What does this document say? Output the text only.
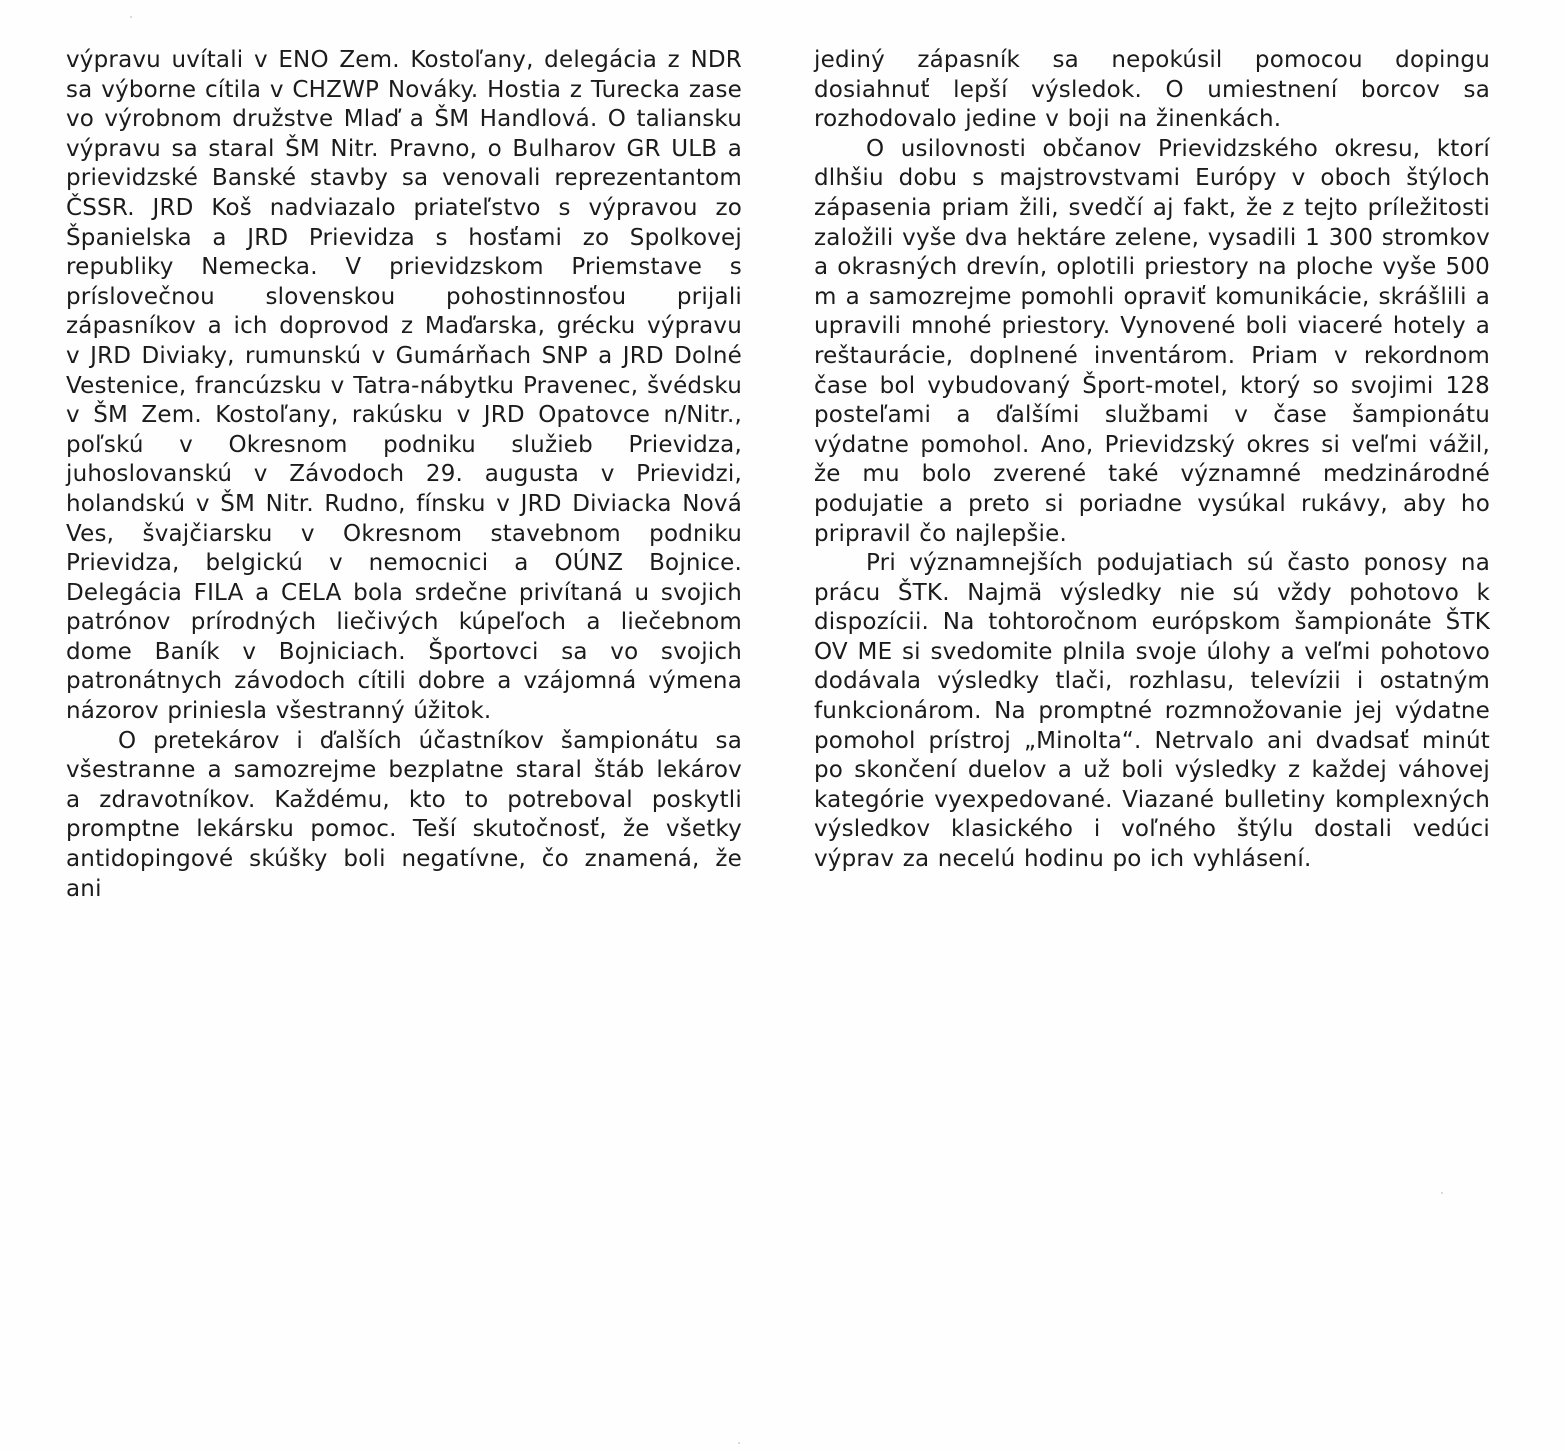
výpravu uvítali v ENO Zem. Kostoľany, delegácia z NDR sa výborne cítila v CHZWP Nováky. Hostia z Turecka zase vo výrobnom družstve Mlaď a ŠM Handlová. O taliansku výpravu sa staral ŠM Nitr. Pravno, o Bulharov GR ULB a prievidzské Banské stavby sa venovali reprezentantom ČSSR. JRD Koš nadviazalo priateľstvo s výpravou zo Španielska a JRD Prievidza s hosťami zo Spolkovej republiky Nemecka. V prievidzskom Priemstave s príslovečnou slovenskou pohostinnosťou prijali zápasníkov a ich doprovod z Maďarska, grécku výpravu v JRD Diviaky, rumunskú v Gumárňach SNP a JRD Dolné Vestenice, francúzsku v Tatra-nábytku Pravenec, švédsku v ŠM Zem. Kostoľany, rakúsku v JRD Opatovce n/Nitr., poľskú v Okresnom podniku služieb Prievidza, juhoslovanskú v Závodoch 29. augusta v Prievidzi, holandskú v ŠM Nitr. Rudno, fínsku v JRD Diviacka Nová Ves, švajčiarsku v Okresnom stavebnom podniku Prievidza, belgickú v nemocnici a OÚNZ Bojnice. Delegácia FILA a CELA bola srdečne privítaná u svojich patrónov prírodných liečivých kúpeľoch a liečebnom dome Baník v Bojniciach. Športovci sa vo svojich patronátnych závodoch cítili dobre a vzájomná výmena názorov priniesla všestranný úžitok.

O pretekárov i ďalších účastníkov šampionátu sa všestranne a samozrejme bezplatne staral štáb lekárov a zdravotníkov. Každému, kto to potreboval poskytli promptne lekársku pomoc. Teší skutočnosť, že všetky antidopingové skúšky boli negatívne, čo znamená, že ani

jediný zápasník sa nepokúsil pomocou dopingu dosiahnuť lepší výsledok. O umiestnení borcov sa rozhodovalo jedine v boji na žinenkách.

O usilovnosti občanov Prievidzského okresu, ktorí dlhšiu dobu s majstrovstvami Európy v oboch štýloch zápasenia priam žili, svedčí aj fakt, že z tejto príležitosti založili vyše dva hektáre zelene, vysadili 1 300 stromkov a okrasných drevín, oplotili priestory na ploche vyše 500 m a samozrejme pomohli opraviť komunikácie, skrášlili a upravili mnohé priestory. Vynovené boli viaceré hotely a reštaurácie, doplnené inventárom. Priam v rekordnom čase bol vybudovaný Šport-motel, ktorý so svojimi 128 posteľami a ďalšími službami v čase šampionátu výdatne pomohol. Ano, Prievidzský okres si veľmi vážil, že mu bolo zverené také významné medzinárodné podujatie a preto si poriadne vysúkal rukávy, aby ho pripravil čo najlepšie.

Pri významnejších podujatiach sú často ponosy na prácu ŠTK. Najmä výsledky nie sú vždy pohotovo k dispozícii. Na tohtoročnom európskom šampionáte ŠTK OV ME si svedomite plnila svoje úlohy a veľmi pohotovo dodávala výsledky tlači, rozhlasu, televízii i ostatným funkcionárom. Na promptné rozmnožovanie jej výdatne pomohol prístroj „Minolta“. Netrvalo ani dvadsať minút po skončení duelov a už boli výsledky z každej váhovej kategórie vyexpedované. Viazané bulletiny komplexných výsledkov klasického i voľného štýlu dostali vedúci výprav za necelú hodinu po ich vyhlásení.
